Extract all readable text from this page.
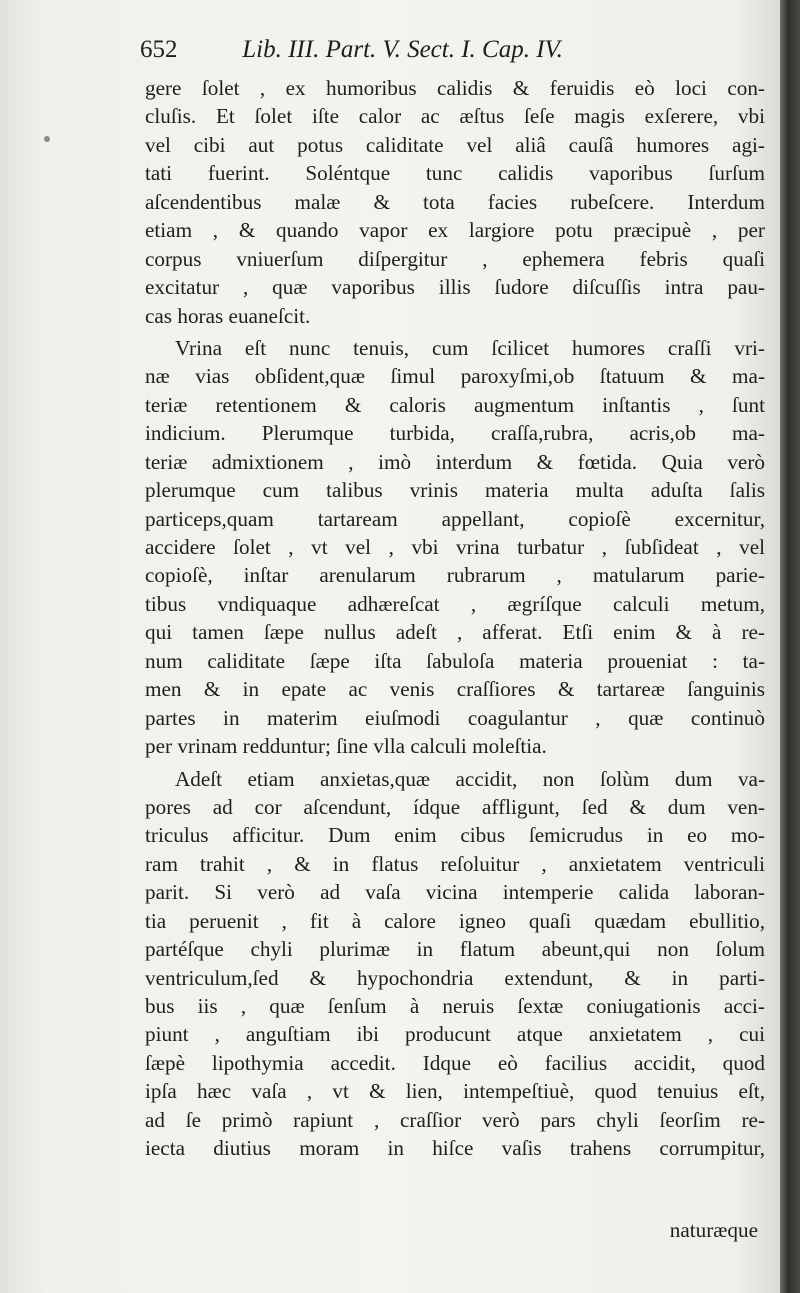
652	Lib. III. Part. V. Sect. I. Cap. IV.
gere ſolet , ex humoribus calidis & feruidis eò loci con-
cluſis. Et ſolet iſte calor ac æſtus ſeſe magis exſerere, vbi
vel cibi aut potus caliditate vel aliâ cauſâ humores agi-
tati fuerint. Soléntque tunc calidis vaporibus ſurſum
aſcendentibus malæ & tota facies rubeſcere. Interdum
etiam , & quando vapor ex largiore potu præcipuè , per
corpus vniuerſum diſpergitur , ephemera febris quaſi
excitatur , quæ vaporibus illis ſudore diſcuſſis intra pau-
cas horas euaneſcit.
Vrina eſt nunc tenuis, cum ſcilicet humores craſſi vri-
næ vias obſident,quæ ſimul paroxyſmi,ob ſtatuum & ma-
teriæ retentionem & caloris augmentum inſtantis , ſunt
indicium. Plerumque turbida, craſſa,rubra, acris,ob ma-
teriæ admixtionem , imò interdum & fœtida. Quia verò
plerumque cum talibus vrinis materia multa aduſta ſalis
particeps,quam tartaream appellant, copioſè excernitur,
accidere ſolet , vt vel , vbi vrina turbatur , ſubſideat , vel
copioſè, inſtar arenularum rubrarum , matularum parie-
tibus vndiquaque adhæreſcat , ægríſque calculi metum,
qui tamen ſæpe nullus adeſt , afferat. Etſi enim & à re-
num caliditate ſæpe iſta ſabuloſa materia proueniat : ta-
men & in epate ac venis craſſiores & tartareæ ſanguinis
partes in materim eiuſmodi coagulantur , quæ continuò
per vrinam redduntur; ſine vlla calculi moleſtia.
Adeſt etiam anxietas,quæ accidit, non ſolùm dum va-
pores ad cor aſcendunt, ídque affligunt, ſed & dum ven-
triculus afficitur. Dum enim cibus ſemicrudus in eo mo-
ram trahit , & in flatus reſoluitur , anxietatem ventriculi
parit. Si verò ad vaſa vicina intemperie calida laboran-
tia peruenit , fit à calore igneo quaſi quædam ebullitio,
partéſque chyli plurimæ in flatum abeunt,qui non ſolum
ventriculum,ſed & hypochondria extendunt, & in parti-
bus iis , quæ ſenſum à neruis ſextæ coniugationis acci-
piunt , anguſtiam ibi producunt atque anxietatem , cui
ſæpè lipothymia accedit. Idque eò facilius accidit, quod
ipſa hæc vaſa , vt & lien, intempeſtiuè, quod tenuius eſt,
ad ſe primò rapiunt , craſſior verò pars chyli ſeorſim re-
iecta diutius moram in hiſce vaſis trahens corrumpitur,
naturæque
